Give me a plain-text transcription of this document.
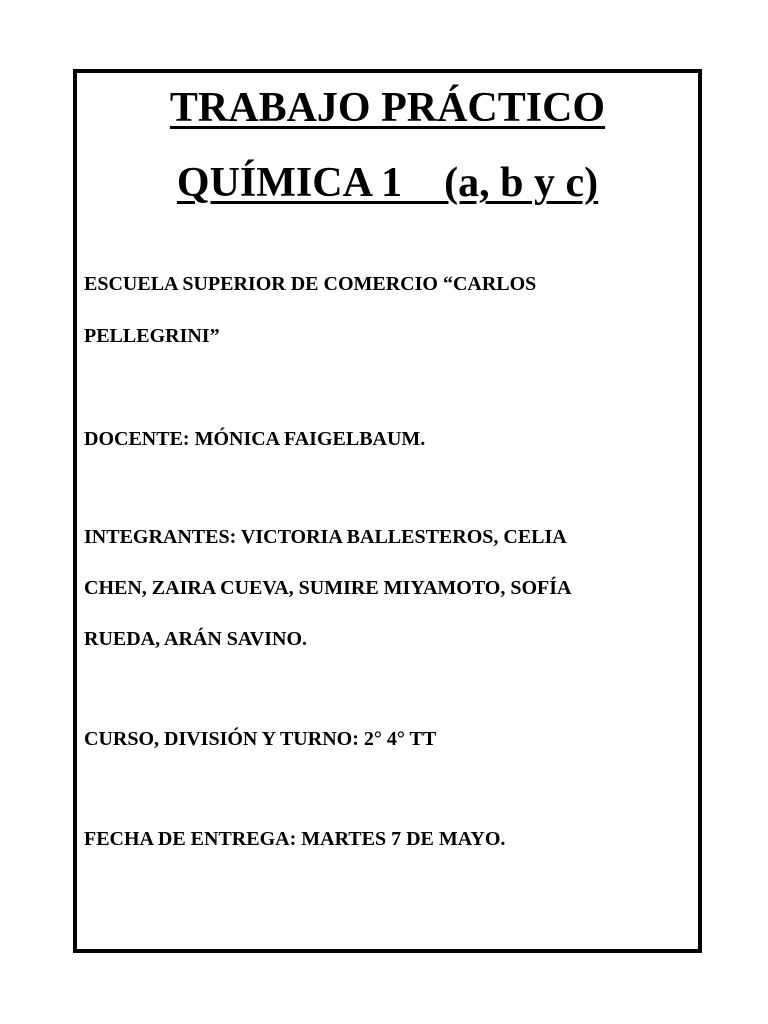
TRABAJO PRÁCTICO
QUÍMICA 1    (a, b y c)

ESCUELA SUPERIOR DE COMERCIO “CARLOS

PELLEGRINI”

DOCENTE: MÓNICA FAIGELBAUM.

INTEGRANTES: VICTORIA BALLESTEROS, CELIA

CHEN, ZAIRA CUEVA, SUMIRE MIYAMOTO, SOFÍA

RUEDA, ARÁN SAVINO.

CURSO, DIVISIÓN Y TURNO: 2° 4° TT

FECHA DE ENTREGA: MARTES 7 DE MAYO.
